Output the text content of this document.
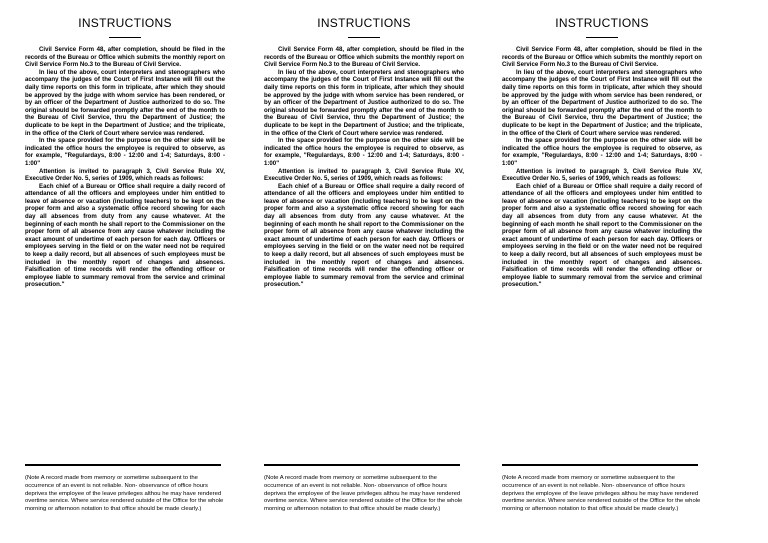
INSTRUCTIONS

Civil Service Form 48, after completion, should be filed in the records of the Bureau or Office which submits the monthly report on Civil Service Form No.3 to the Bureau of Civil Service.

In lieu of the above, court interpreters and stenographers who accompany the judges of the Court of First Instance will fill out the daily time reports on this form in triplicate, after which they should be approved by the judge with whom service has been rendered, or by an officer of the Department of Justice authorized to do so. The original should be forwarded promptly after the end of the month to the Bureau of Civil Service, thru the Department of Justice; the duplicate to be kept in the Department of Justice; and the triplicate, in the office of the Clerk of Court where service was rendered.

In the space provided for the purpose on the other side will be indicated the office hours the employee is required to observe, as for example, "Regulardays, 8:00 - 12:00 and 1-4; Saturdays, 8:00 - 1:00"

Attention is invited to paragraph 3, Civil Service Rule XV, Executive Order No. 5, series of 1909, which reads as follows:

Each chief of a Bureau or Office shall require a daily record of attendance of all the officers and employees under him entitled to leave of absence or vacation (including teachers) to be kept on the proper form and also a systematic office record showing for each day all absences from duty from any cause whatever. At the beginning of each month he shall report to the Commissioner on the proper form of all absence from any cause whatever including the exact amount of undertime of each person for each day. Officers or employees serving in the field or on the water need not be required to keep a daily record, but all absences of such employees must be included in the monthly report of changes and absences. Falsification of time records will render the offending officer or employee liable to summary removal from the service and criminal prosecution."

(Note A record made from memory or sometime subsequent to the occurrence of an event is not reliable. Non- observance of office hours deprives the employee of the leave privileges althou he may have rendered overtime service. Where service rendered outside of the Office for the whole morning or afternoon notation to that office should be made clearly.)
INSTRUCTIONS

Civil Service Form 48, after completion, should be filed in the records of the Bureau or Office which submits the monthly report on Civil Service Form No.3 to the Bureau of Civil Service.

In lieu of the above, court interpreters and stenographers who accompany the judges of the Court of First Instance will fill out the daily time reports on this form in triplicate, after which they should be approved by the judge with whom service has been rendered, or by an officer of the Department of Justice authorized to do so. The original should be forwarded promptly after the end of the month to the Bureau of Civil Service, thru the Department of Justice; the duplicate to be kept in the Department of Justice; and the triplicate, in the office of the Clerk of Court where service was rendered.

In the space provided for the purpose on the other side will be indicated the office hours the employee is required to observe, as for example, "Regulardays, 8:00 - 12:00 and 1-4; Saturdays, 8:00 - 1:00"

Attention is invited to paragraph 3, Civil Service Rule XV, Executive Order No. 5, series of 1909, which reads as follows:

Each chief of a Bureau or Office shall require a daily record of attendance of all the officers and employees under him entitled to leave of absence or vacation (including teachers) to be kept on the proper form and also a systematic office record showing for each day all absences from duty from any cause whatever. At the beginning of each month he shall report to the Commissioner on the proper form of all absence from any cause whatever including the exact amount of undertime of each person for each day. Officers or employees serving in the field or on the water need not be required to keep a daily record, but all absences of such employees must be included in the monthly report of changes and absences. Falsification of time records will render the offending officer or employee liable to summary removal from the service and criminal prosecution."

(Note A record made from memory or sometime subsequent to the occurrence of an event is not reliable. Non- observance of office hours deprives the employee of the leave privileges althou he may have rendered overtime service. Where service rendered outside of the Office for the whole morning or afternoon notation to that office should be made clearly.)
INSTRUCTIONS

Civil Service Form 48, after completion, should be filed in the records of the Bureau or Office which submits the monthly report on Civil Service Form No.3 to the Bureau of Civil Service.

In lieu of the above, court interpreters and stenographers who accompany the judges of the Court of First Instance will fill out the daily time reports on this form in triplicate, after which they should be approved by the judge with whom service has been rendered, or by an officer of the Department of Justice authorized to do so. The original should be forwarded promptly after the end of the month to the Bureau of Civil Service, thru the Department of Justice; the duplicate to be kept in the Department of Justice; and the triplicate, in the office of the Clerk of Court where service was rendered.

In the space provided for the purpose on the other side will be indicated the office hours the employee is required to observe, as for example, "Regulardays, 8:00 - 12:00 and 1-4; Saturdays, 8:00 - 1:00"

Attention is invited to paragraph 3, Civil Service Rule XV, Executive Order No. 5, series of 1909, which reads as follows:

Each chief of a Bureau or Office shall require a daily record of attendance of all the officers and employees under him entitled to leave of absence or vacation (including teachers) to be kept on the proper form and also a systematic office record showing for each day all absences from duty from any cause whatever. At the beginning of each month he shall report to the Commissioner on the proper form of all absence from any cause whatever including the exact amount of undertime of each person for each day. Officers or employees serving in the field or on the water need not be required to keep a daily record, but all absences of such employees must be included in the monthly report of changes and absences. Falsification of time records will render the offending officer or employee liable to summary removal from the service and criminal prosecution."

(Note A record made from memory or sometime subsequent to the occurrence of an event is not reliable. Non- observance of office hours deprives the employee of the leave privileges althou he may have rendered overtime service. Where service rendered outside of the Office for the whole morning or afternoon notation to that office should be made clearly.)
